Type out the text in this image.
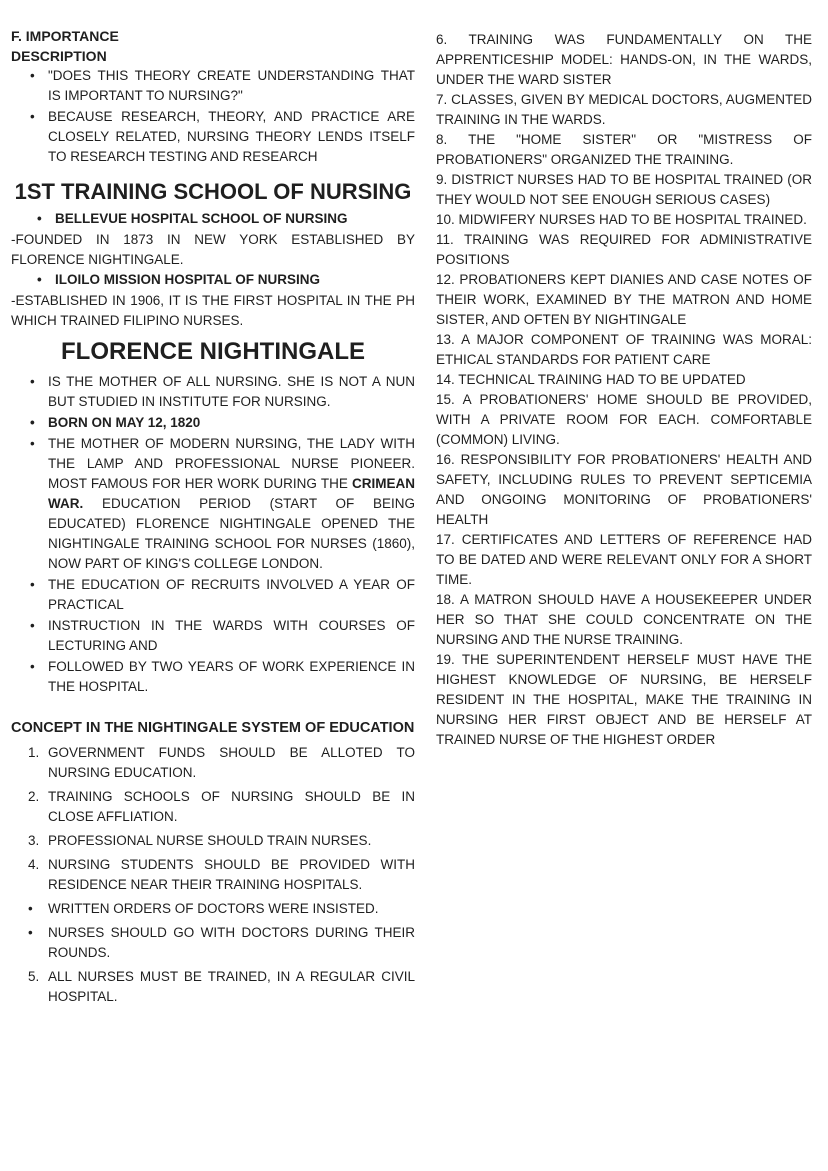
F. IMPORTANCE
DESCRIPTION
• "DOES THIS THEORY CREATE UNDERSTANDING THAT IS IMPORTANT TO NURSING?"
• BECAUSE RESEARCH, THEORY, AND PRACTICE ARE CLOSELY RELATED, NURSING THEORY LENDS ITSELF TO RESEARCH TESTING AND RESEARCH
1ST TRAINING SCHOOL OF NURSING
• BELLEVUE HOSPITAL SCHOOL OF NURSING
-FOUNDED IN 1873 IN NEW YORK ESTABLISHED BY FLORENCE NIGHTINGALE.
• ILOILO MISSION HOSPITAL OF NURSING
-ESTABLISHED IN 1906, IT IS THE FIRST HOSPITAL IN THE PH WHICH TRAINED FILIPINO NURSES.
FLORENCE NIGHTINGALE
• IS THE MOTHER OF ALL NURSING. SHE IS NOT A NUN BUT STUDIED IN INSTITUTE FOR NURSING.
• BORN ON MAY 12, 1820
• THE MOTHER OF MODERN NURSING, THE LADY WITH THE LAMP AND PROFESSIONAL NURSE PIONEER. MOST FAMOUS FOR HER WORK DURING THE CRIMEAN WAR. EDUCATION PERIOD (START OF BEING EDUCATED) FLORENCE NIGHTINGALE OPENED THE NIGHTINGALE TRAINING SCHOOL FOR NURSES (1860), NOW PART OF KING'S COLLEGE LONDON.
• THE EDUCATION OF RECRUITS INVOLVED A YEAR OF PRACTICAL
• INSTRUCTION IN THE WARDS WITH COURSES OF LECTURING AND
• FOLLOWED BY TWO YEARS OF WORK EXPERIENCE IN THE HOSPITAL.
CONCEPT IN THE NIGHTINGALE SYSTEM OF EDUCATION
1. GOVERNMENT FUNDS SHOULD BE ALLOTED TO NURSING EDUCATION.
2. TRAINING SCHOOLS OF NURSING SHOULD BE IN CLOSE AFFLIATION.
3. PROFESSIONAL NURSE SHOULD TRAIN NURSES.
4. NURSING STUDENTS SHOULD BE PROVIDED WITH RESIDENCE NEAR THEIR TRAINING HOSPITALS.
• WRITTEN ORDERS OF DOCTORS WERE INSISTED.
• NURSES SHOULD GO WITH DOCTORS DURING THEIR ROUNDS.
5. ALL NURSES MUST BE TRAINED, IN A REGULAR CIVIL HOSPITAL.

6. TRAINING WAS FUNDAMENTALLY ON THE APPRENTICESHIP MODEL: HANDS-ON, IN THE WARDS, UNDER THE WARD SISTER

7. CLASSES, GIVEN BY MEDICAL DOCTORS, AUGMENTED TRAINING IN THE WARDS.

8. THE "HOME SISTER" OR "MISTRESS OF PROBATIONERS" ORGANIZED THE TRAINING.

9. DISTRICT NURSES HAD TO BE HOSPITAL TRAINED (OR THEY WOULD NOT SEE ENOUGH SERIOUS CASES)

10. MIDWIFERY NURSES HAD TO BE HOSPITAL TRAINED.

11. TRAINING WAS REQUIRED FOR ADMINISTRATIVE POSITIONS

12. PROBATIONERS KEPT DIANIES AND CASE NOTES OF THEIR WORK, EXAMINED BY THE MATRON AND HOME SISTER, AND OFTEN BY NIGHTINGALE

13. A MAJOR COMPONENT OF TRAINING WAS MORAL: ETHICAL STANDARDS FOR PATIENT CARE

14. TECHNICAL TRAINING HAD TO BE UPDATED

15. A PROBATIONERS' HOME SHOULD BE PROVIDED, WITH A PRIVATE ROOM FOR EACH. COMFORTABLE (COMMON) LIVING.

16. RESPONSIBILITY FOR PROBATIONERS' HEALTH AND SAFETY, INCLUDING RULES TO PREVENT SEPTICEMIA AND ONGOING MONITORING OF PROBATIONERS' HEALTH

17. CERTIFICATES AND LETTERS OF REFERENCE HAD TO BE DATED AND WERE RELEVANT ONLY FOR A SHORT TIME.

18. A MATRON SHOULD HAVE A HOUSEKEEPER UNDER HER SO THAT SHE COULD CONCENTRATE ON THE NURSING AND THE NURSE TRAINING.

19. THE SUPERINTENDENT HERSELF MUST HAVE THE HIGHEST KNOWLEDGE OF NURSING, BE HERSELF RESIDENT IN THE HOSPITAL, MAKE THE TRAINING IN NURSING HER FIRST OBJECT AND BE HERSELF AT TRAINED NURSE OF THE HIGHEST ORDER
